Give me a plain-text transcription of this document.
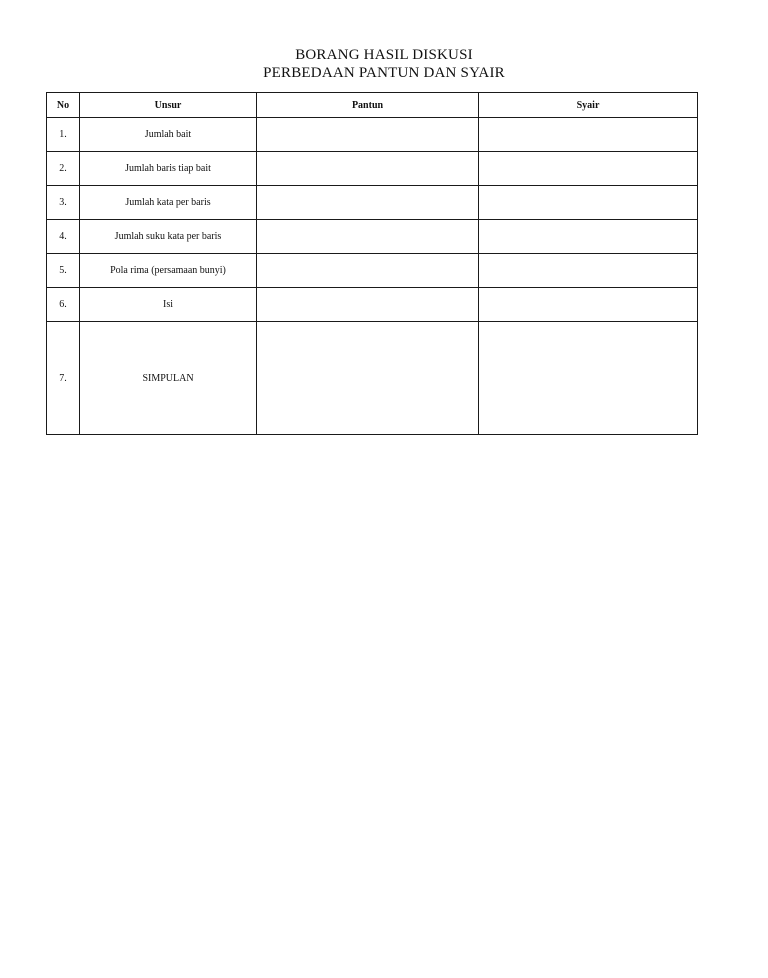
BORANG HASIL DISKUSI
PERBEDAAN PANTUN DAN SYAIR
No	Unsur	Pantun	Syair
1.	Jumlah bait		
2.	Jumlah baris tiap bait		
3.	Jumlah kata per baris		
4.	Jumlah suku kata per baris		
5.	Pola rima (persamaan bunyi)		
6.	Isi		
7.	SIMPULAN		
